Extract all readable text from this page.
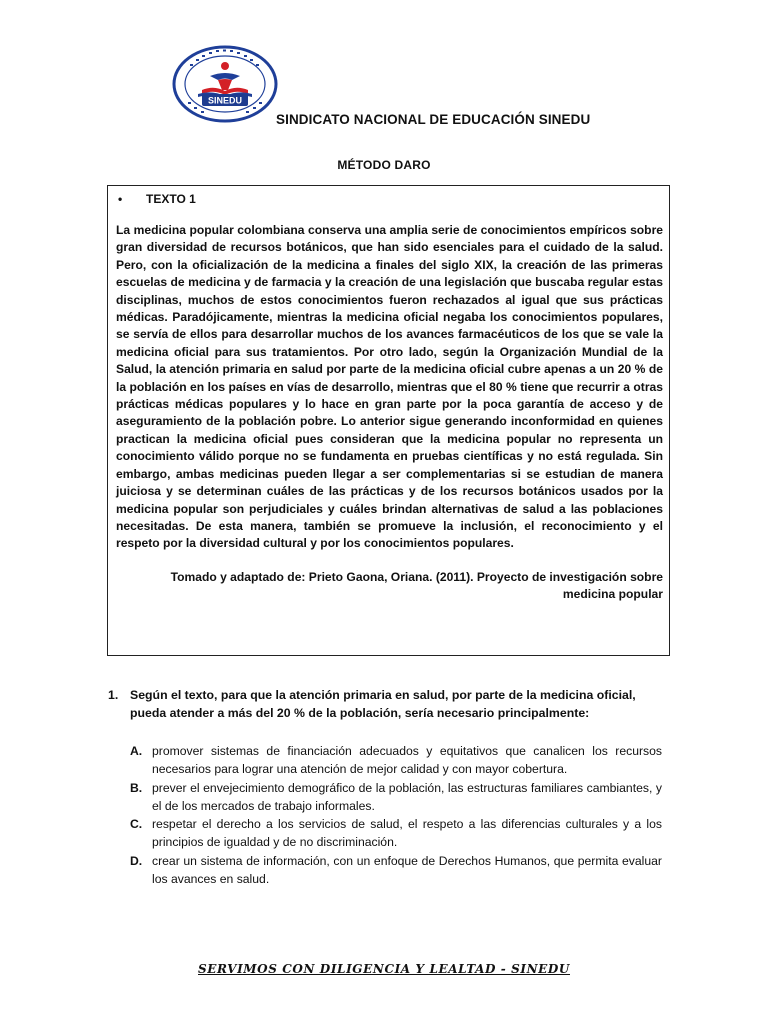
SINEDU
SINDICATO NACIONAL DE EDUCACIÓN SINEDU
MÉTODO DARO
•	TEXTO 1
La medicina popular colombiana conserva una amplia serie de conocimientos empíricos sobre gran diversidad de recursos botánicos, que han sido esenciales para el cuidado de la salud. Pero, con la oficialización de la medicina a finales del siglo XIX, la creación de las primeras escuelas de medicina y de farmacia y la creación de una legislación que buscaba regular estas disciplinas, muchos de estos conocimientos fueron rechazados al igual que sus prácticas médicas. Paradójicamente, mientras la medicina oficial negaba los conocimientos populares, se servía de ellos para desarrollar muchos de los avances farmacéuticos de los que se vale la medicina oficial para sus tratamientos. Por otro lado, según la Organización Mundial de la Salud, la atención primaria en salud por parte de la medicina oficial cubre apenas a un 20 % de la población en los países en vías de desarrollo, mientras que el 80 % tiene que recurrir a otras prácticas médicas populares y lo hace en gran parte por la poca garantía de acceso y de aseguramiento de la población pobre. Lo anterior sigue generando inconformidad en quienes practican la medicina oficial pues consideran que la medicina popular no representa un conocimiento válido porque no se fundamenta en pruebas científicas y no está regulada. Sin embargo, ambas medicinas pueden llegar a ser complementarias si se estudian de manera juiciosa y se determinan cuáles de las prácticas y de los recursos botánicos usados por la medicina popular son perjudiciales y cuáles brindan alternativas de salud a las poblaciones necesitadas. De esta manera, también se promueve la inclusión, el reconocimiento y el respeto por la diversidad cultural y por los conocimientos populares.
Tomado y adaptado de: Prieto Gaona, Oriana. (2011). Proyecto de investigación sobre
medicina popular
1. Según el texto, para que la atención primaria en salud, por parte de la medicina oficial, pueda atender a más del 20 % de la población, sería necesario principalmente:
A. promover sistemas de financiación adecuados y equitativos que canalicen los recursos necesarios para lograr una atención de mejor calidad y con mayor cobertura.
B. prever el envejecimiento demográfico de la población, las estructuras familiares cambiantes, y el de los mercados de trabajo informales.
C. respetar el derecho a los servicios de salud, el respeto a las diferencias culturales y a los principios de igualdad y de no discriminación.
D. crear un sistema de información, con un enfoque de Derechos Humanos, que permita evaluar los avances en salud.
SERVIMOS CON DILIGENCIA Y LEALTAD - SINEDU
